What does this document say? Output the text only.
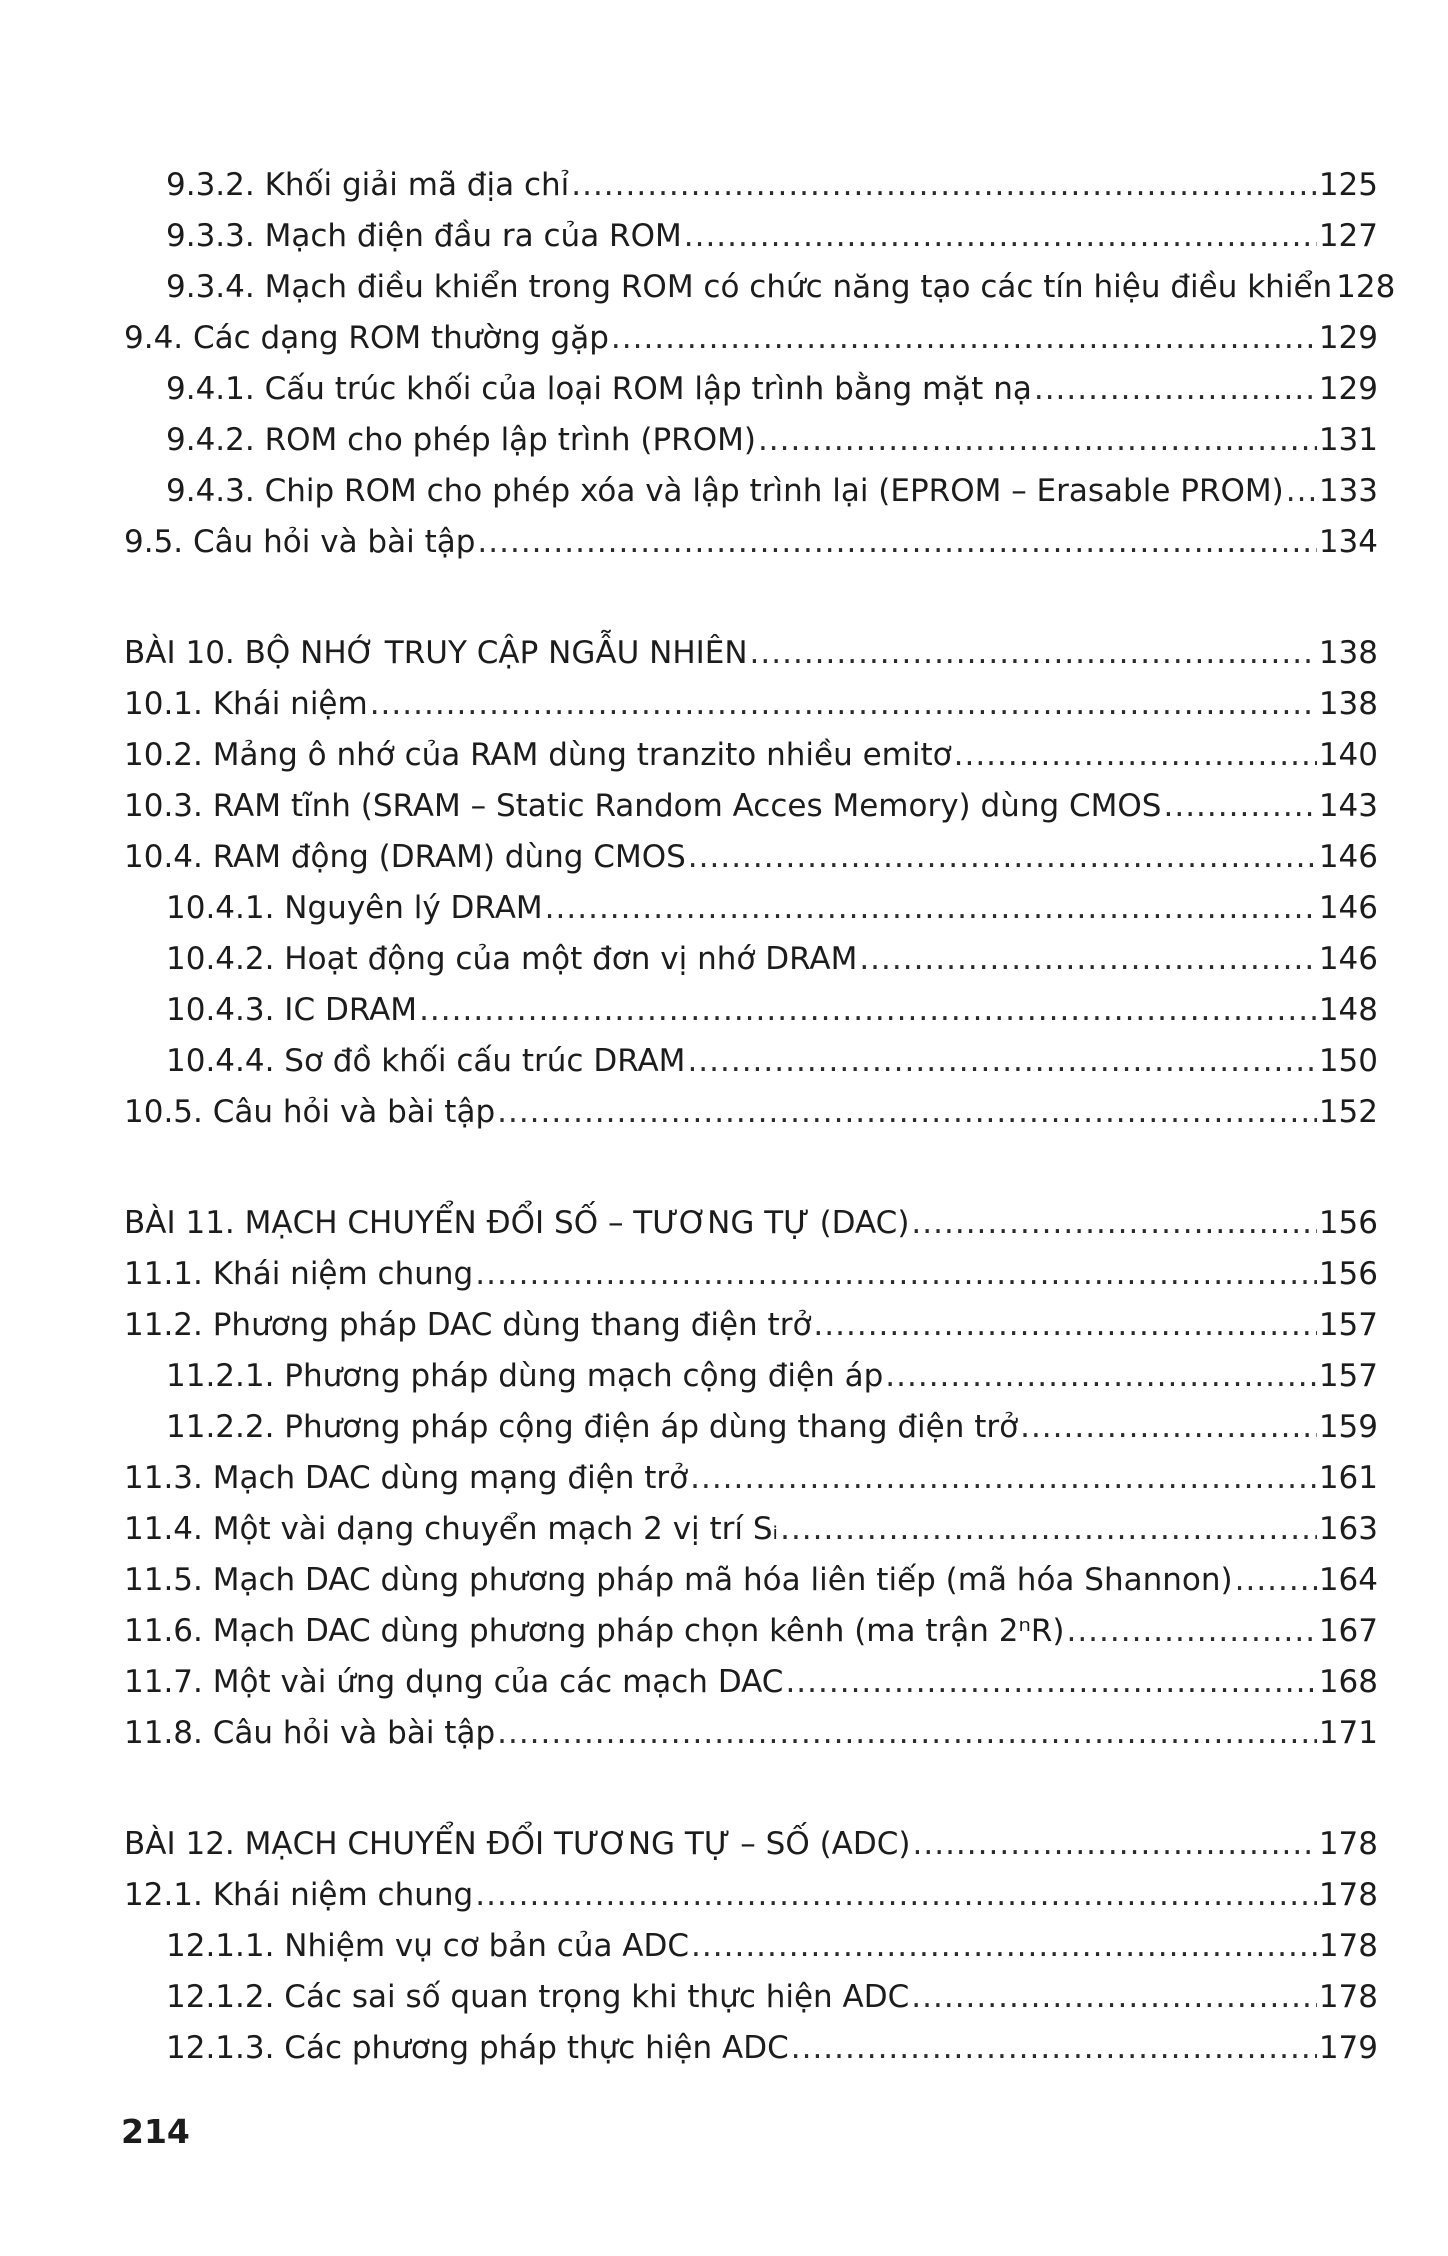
9.3.2. Khối giải mã địa chỉ .....	125
9.3.3. Mạch điện đầu ra của ROM .....	127
9.3.4. Mạch điều khiển trong ROM có chức năng tạo các tín hiệu điều khiển 128
9.4. Các dạng ROM thường gặp .....	129
9.4.1. Cấu trúc khối của loại ROM lập trình bằng mặt nạ .....	129
9.4.2. ROM cho phép lập trình (PROM) .....	131
9.4.3. Chip ROM cho phép xóa và lập trình lại (EPROM – Erasable PROM) ..... 133
9.5. Câu hỏi và bài tập .....	134
BÀI 10. BỘ NHỚ TRUY CẬP NGẪU NHIÊN .....	138
10.1. Khái niệm .....	138
10.2. Mảng ô nhớ của RAM dùng tranzito nhiều emitơ .....	140
10.3. RAM tĩnh (SRAM – Static Random Acces Memory) dùng CMOS .....	143
10.4. RAM động (DRAM) dùng CMOS .....	146
10.4.1. Nguyên lý DRAM .....	146
10.4.2. Hoạt động của một đơn vị nhớ DRAM .....	146
10.4.3. IC DRAM .....	148
10.4.4. Sơ đồ khối cấu trúc DRAM .....	150
10.5. Câu hỏi và bài tập .....	152
BÀI 11. MẠCH CHUYỂN ĐỔI SỐ – TƯƠNG TỰ (DAC) .....	156
11.1. Khái niệm chung .....	156
11.2. Phương pháp DAC dùng thang điện trở .....	157
11.2.1. Phương pháp dùng mạch cộng điện áp .....	157
11.2.2. Phương pháp cộng điện áp dùng thang điện trở .....	159
11.3. Mạch DAC dùng mạng điện trở .....	161
11.4. Một vài dạng chuyển mạch 2 vị trí Sᵢ .....	163
11.5. Mạch DAC dùng phương pháp mã hóa liên tiếp (mã hóa Shannon) .....	164
11.6. Mạch DAC dùng phương pháp chọn kênh (ma trận 2ⁿR) .....	167
11.7. Một vài ứng dụng của các mạch DAC .....	168
11.8. Câu hỏi và bài tập .....	171
BÀI 12. MẠCH CHUYỂN ĐỔI TƯƠNG TỰ – SỐ (ADC) .....	178
12.1. Khái niệm chung .....	178
12.1.1. Nhiệm vụ cơ bản của ADC .....	178
12.1.2. Các sai số quan trọng khi thực hiện ADC .....	178
12.1.3. Các phương pháp thực hiện ADC .....	179
214
